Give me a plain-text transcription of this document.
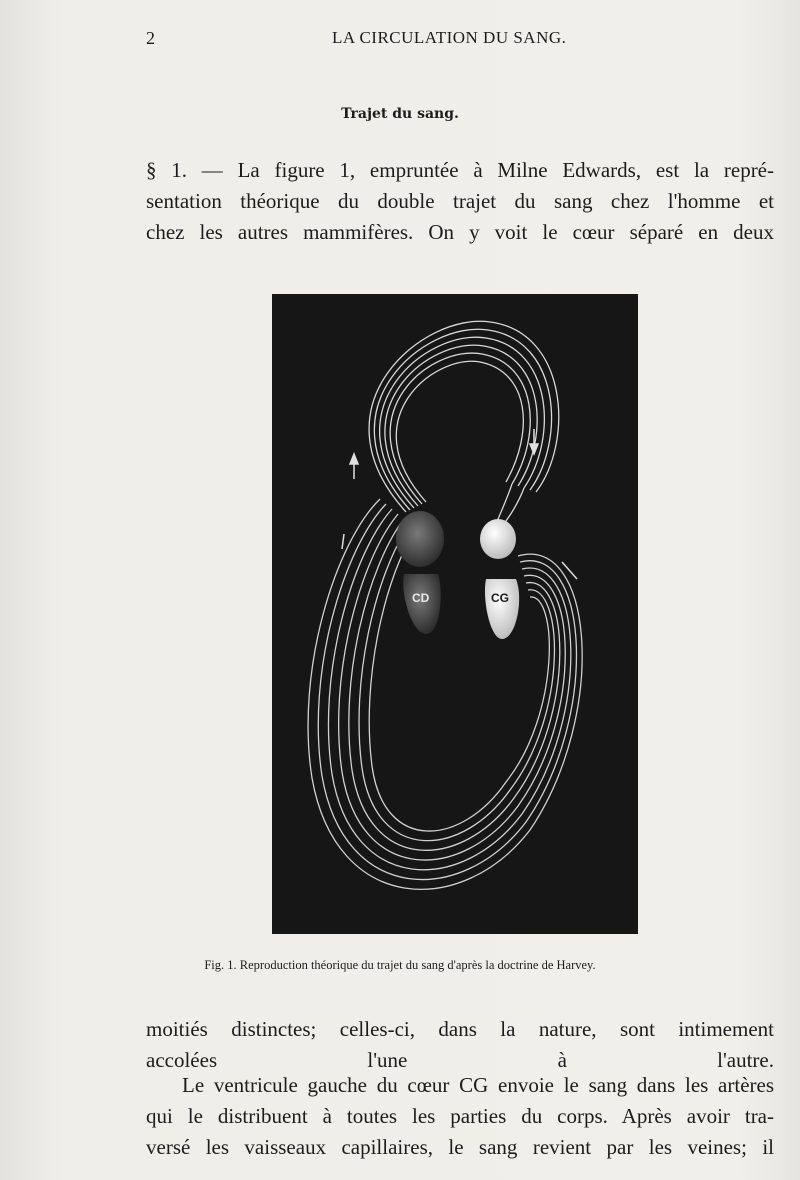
2	LA CIRCULATION DU SANG.
Trajet du sang.
§ 1. — La figure 1, empruntée à Milne Edwards, est la repré-
sentation théorique du double trajet du sang chez l'homme et
chez les autres mammifères. On y voit le cœur séparé en deux
CD	CG
Fig. 1. Reproduction théorique du trajet du sang d'après la doctrine de Harvey.
moitiés distinctes; celles-ci, dans la nature, sont intimement
accolées l'une à l'autre.
Le ventricule gauche du cœur CG envoie le sang dans les artères
qui le distribuent à toutes les parties du corps. Après avoir tra-
versé les vaisseaux capillaires, le sang revient par les veines; il
